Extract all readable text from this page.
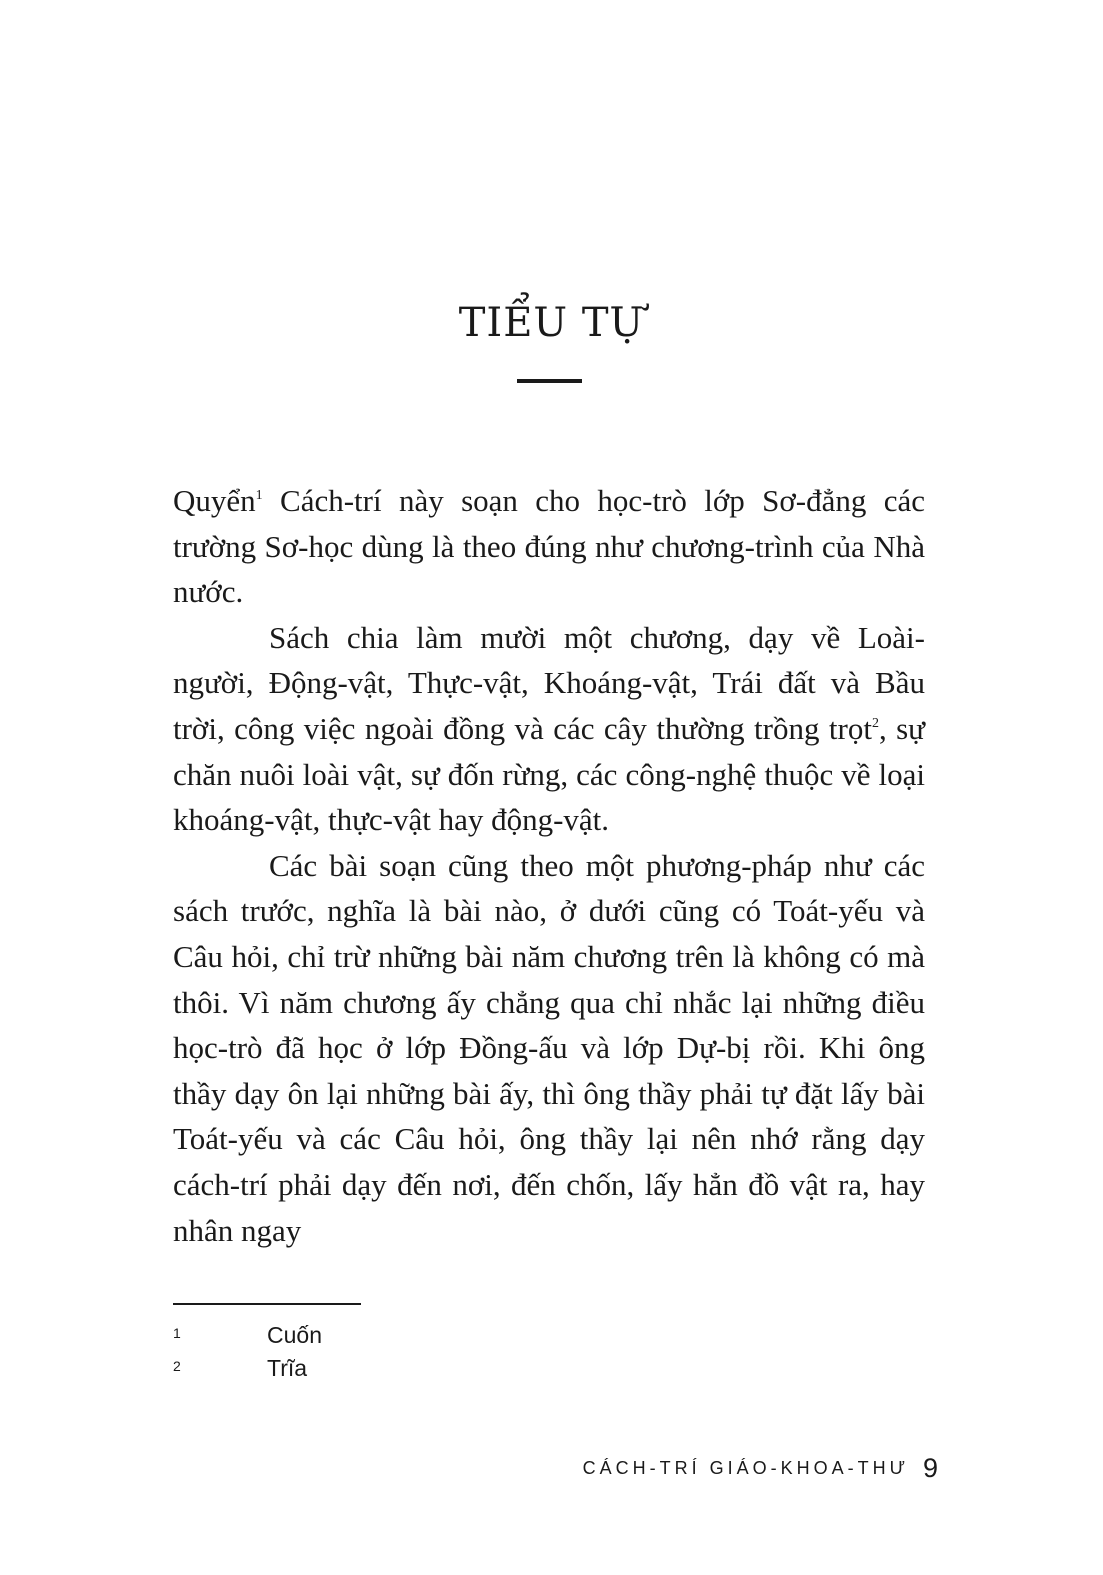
TIỂU TỰ

Quyển$^1$ Cách-trí này soạn cho học-trò lớp Sơ-đẳng các trường Sơ-học dùng là theo đúng như chương-trình của Nhà nước.

Sách chia làm mười một chương, dạy về Loài-người, Động-vật, Thực-vật, Khoáng-vật, Trái đất và Bầu trời, công việc ngoài đồng và các cây thường trồng trọt$^2$, sự chăn nuôi loài vật, sự đốn rừng, các công-nghệ thuộc về loại khoáng-vật, thực-vật hay động-vật.

Các bài soạn cũng theo một phương-pháp như các sách trước, nghĩa là bài nào, ở dưới cũng có Toát-yếu và Câu hỏi, chỉ trừ những bài năm chương trên là không có mà thôi. Vì năm chương ấy chẳng qua chỉ nhắc lại những điều học-trò đã học ở lớp Đồng-ấu và lớp Dự-bị rồi. Khi ông thầy dạy ôn lại những bài ấy, thì ông thầy phải tự đặt lấy bài Toát-yếu và các Câu hỏi, ông thầy lại nên nhớ rằng dạy cách-trí phải dạy đến nơi, đến chốn, lấy hẳn đồ vật ra, hay nhân ngay

1	Cuốn
2	Trĩa
CÁCH-TRÍ GIÁO-KHOA-THƯ 9
